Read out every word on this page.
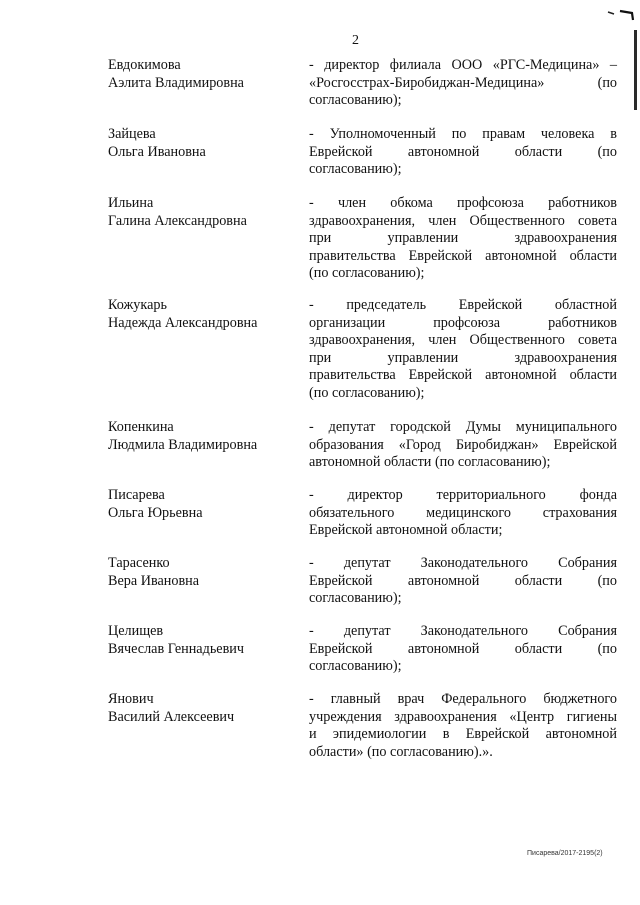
2
Евдокимова
Аэлита Владимировна
- директор филиала ООО «РГС-Медицина» –
«Росгосстрах-Биробиджан-Медицина» (по
согласованию);
Зайцева
Ольга Ивановна
- Уполномоченный по правам человека в
Еврейской автономной области (по
согласованию);
Ильина
Галина Александровна
- член обкома профсоюза работников
здравоохранения, член Общественного совета
при управлении здравоохранения
правительства Еврейской автономной области
(по согласованию);
Кожукарь
Надежда Александровна
- председатель Еврейской областной
организации профсоюза работников
здравоохранения, член Общественного совета
при управлении здравоохранения
правительства Еврейской автономной области
(по согласованию);
Копенкина
Людмила Владимировна
- депутат городской Думы муниципального
образования «Город Биробиджан» Еврейской
автономной области (по согласованию);
Писарева
Ольга Юрьевна
- директор территориального фонда
обязательного медицинского страхования
Еврейской автономной области;
Тарасенко
Вера Ивановна
- депутат Законодательного Собрания
Еврейской автономной области (по
согласованию);
Целищев
Вячеслав Геннадьевич
- депутат Законодательного Собрания
Еврейской автономной области (по
согласованию);
Янович
Василий Алексеевич
- главный врач Федерального бюджетного
учреждения здравоохранения «Центр гигиены
и эпидемиологии в Еврейской автономной
области» (по согласованию).».
Писарева/2017-2195(2)
